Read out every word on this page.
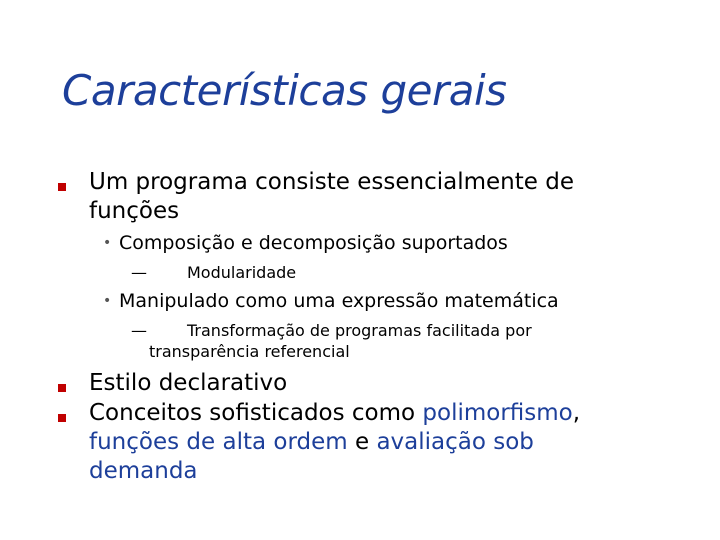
Características gerais
Um programa consiste essencialmente de
funções
• Composição e decomposição suportados
—	Modularidade
• Manipulado como uma expressão matemática
—	Transformação de programas facilitada por
transparência referencial
Estilo declarativo
Conceitos sofisticados como polimorfismo,
funções de alta ordem e avaliação sob
demanda
